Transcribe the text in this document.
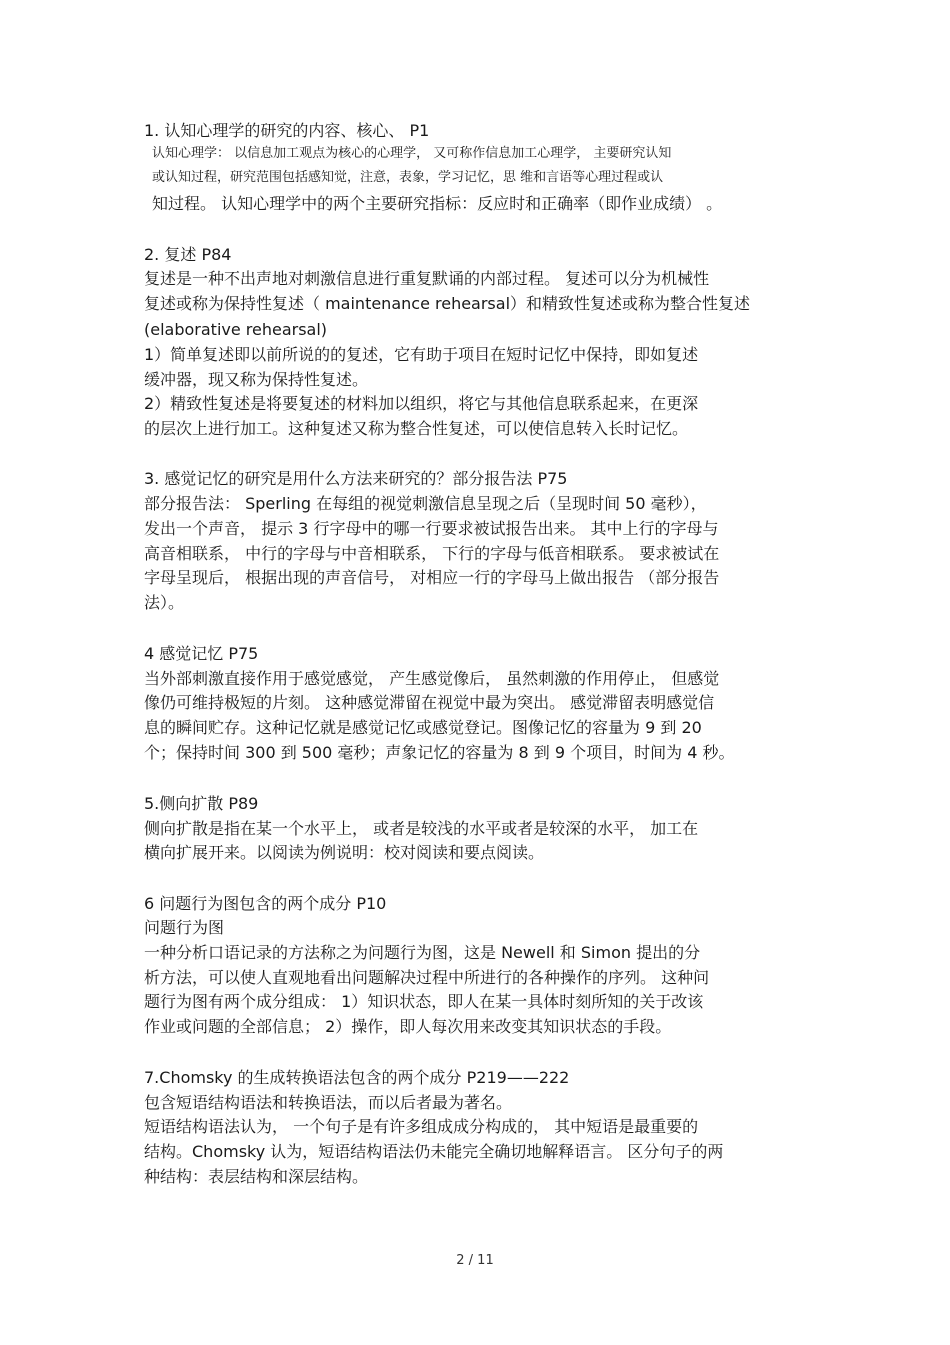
1. 认知心理学的研究的内容、核心、 P1
认知心理学： 以信息加工观点为核心的心理学， 又可称作信息加工心理学， 主要研究认知
或认知过程，研究范围包括感知觉，注意，表象，学习记忆，思 维和言语等心理过程或认
知过程。 认知心理学中的两个主要研究指标：反应时和正确率（即作业成绩） 。
2. 复述 P84
复述是一种不出声地对刺激信息进行重复默诵的内部过程。 复述可以分为机械性
复述或称为保持性复述（ maintenance rehearsal）和精致性复述或称为整合性复述
(elaborative rehearsal)
1）简单复述即以前所说的的复述，它有助于项目在短时记忆中保持，即如复述
缓冲器，现又称为保持性复述。
2）精致性复述是将要复述的材料加以组织，将它与其他信息联系起来，在更深
的层次上进行加工。这种复述又称为整合性复述，可以使信息转入长时记忆。
3. 感觉记忆的研究是用什么方法来研究的？部分报告法 P75
部分报告法： Sperling 在每组的视觉刺激信息呈现之后（呈现时间 50 毫秒），
发出一个声音， 提示 3 行字母中的哪一行要求被试报告出来。 其中上行的字母与
高音相联系， 中行的字母与中音相联系， 下行的字母与低音相联系。 要求被试在
字母呈现后， 根据出现的声音信号， 对相应一行的字母马上做出报告 （部分报告
法）。
4 感觉记忆 P75
当外部刺激直接作用于感觉感觉， 产生感觉像后， 虽然刺激的作用停止， 但感觉
像仍可维持极短的片刻。 这种感觉滞留在视觉中最为突出。 感觉滞留表明感觉信
息的瞬间贮存。这种记忆就是感觉记忆或感觉登记。图像记忆的容量为 9 到 20
个；保持时间 300 到 500 毫秒；声象记忆的容量为 8 到 9 个项目，时间为 4 秒。
5.侧向扩散 P89
侧向扩散是指在某一个水平上， 或者是较浅的水平或者是较深的水平， 加工在
横向扩展开来。以阅读为例说明：校对阅读和要点阅读。
6 问题行为图包含的两个成分 P10
问题行为图
一种分析口语记录的方法称之为问题行为图，这是 Newell 和 Simon 提出的分
析方法，可以使人直观地看出问题解决过程中所进行的各种操作的序列。 这种问
题行为图有两个成分组成： 1）知识状态，即人在某一具体时刻所知的关于改该
作业或问题的全部信息； 2）操作，即人每次用来改变其知识状态的手段。
7.Chomsky 的生成转换语法包含的两个成分 P219——222
包含短语结构语法和转换语法，而以后者最为著名。
短语结构语法认为， 一个句子是有许多组成成分构成的， 其中短语是最重要的
结构。Chomsky 认为，短语结构语法仍未能完全确切地解释语言。 区分句子的两
种结构：表层结构和深层结构。
2 / 11
